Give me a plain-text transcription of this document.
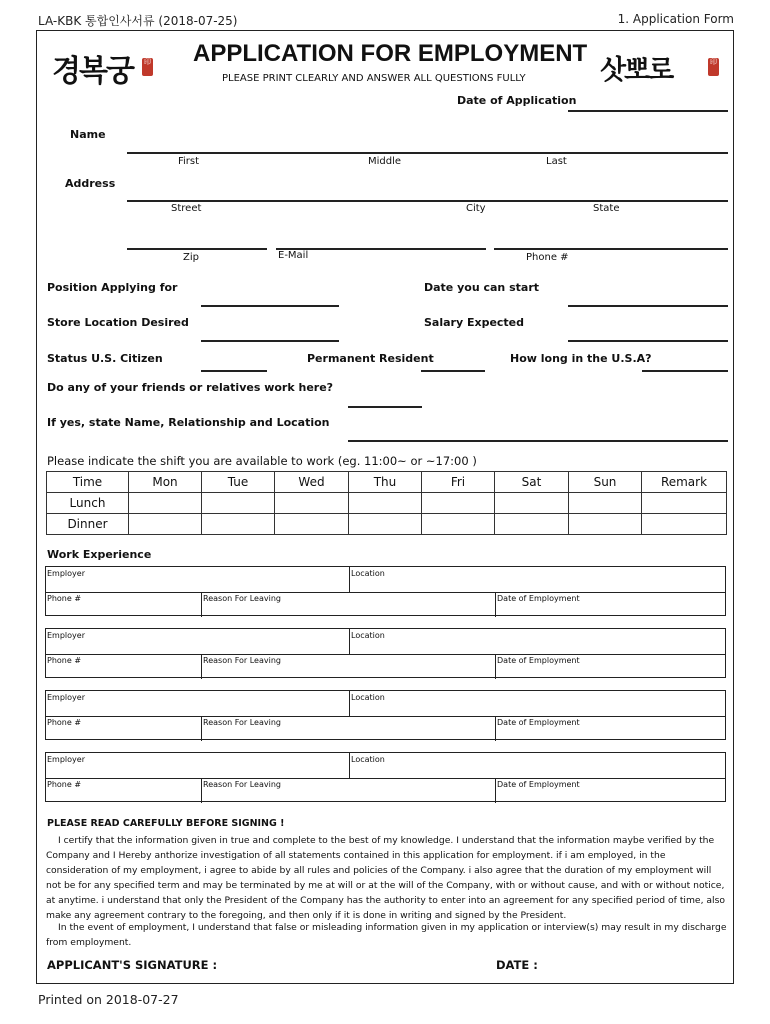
LA-KBK 통합인사서류 (2018-07-25)	1. Application Form
경복궁 印	삿뽀로	印
APPLICATION FOR EMPLOYMENT
PLEASE PRINT CLEARLY AND ANSWER ALL QUESTIONS FULLY
Date of Application
Name
First	Middle	Last
Address
Street	City	State
Zip	E-Mail	Phone #
Position Applying for	Date you can start
Store Location Desired	Salary Expected
Status U.S. Citizen	Permanent Resident	How long in the U.S.A?
Do any of your friends or relatives work here?
If yes, state Name, Relationship and Location
Please indicate the shift you are available to work (eg. 11:00~ or ~17:00 )
Time	Mon	Tue	Wed	Thu	Fri	Sat	Sun	Remark
Lunch								
Dinner								
Work Experience
Employer	Location
Phone #	Reason For Leaving	Date of Employment
Employer	Location
Phone #	Reason For Leaving	Date of Employment
Employer	Location
Phone #	Reason For Leaving	Date of Employment
Employer	Location
Phone #	Reason For Leaving	Date of Employment
PLEASE READ CAREFULLY BEFORE SIGNING !
I certify that the information given in true and complete to the best of my knowledge. I understand that the information maybe verified by the Company and I Hereby anthorize investigation of all statements contained in this application for employment. if i am employed, in the consideration of my employment, i agree to abide by all rules and policies of the Company. i also agree that the duration of my employment will not be for any specified term and may be terminated by me at will or at the will of the Company, with or without cause, and with or without notice, at anytime. i understand that only the President of the Company has the authority to enter into an agreement for any specified period of time, also make any agreement contrary to the foregoing, and then only if it is done in writing and signed by the President.
In the event of employment, I understand that false or misleading information given in my application or interview(s) may result in my discharge from employment.
APPLICANT'S SIGNATURE :	DATE :
Printed on 2018-07-27
